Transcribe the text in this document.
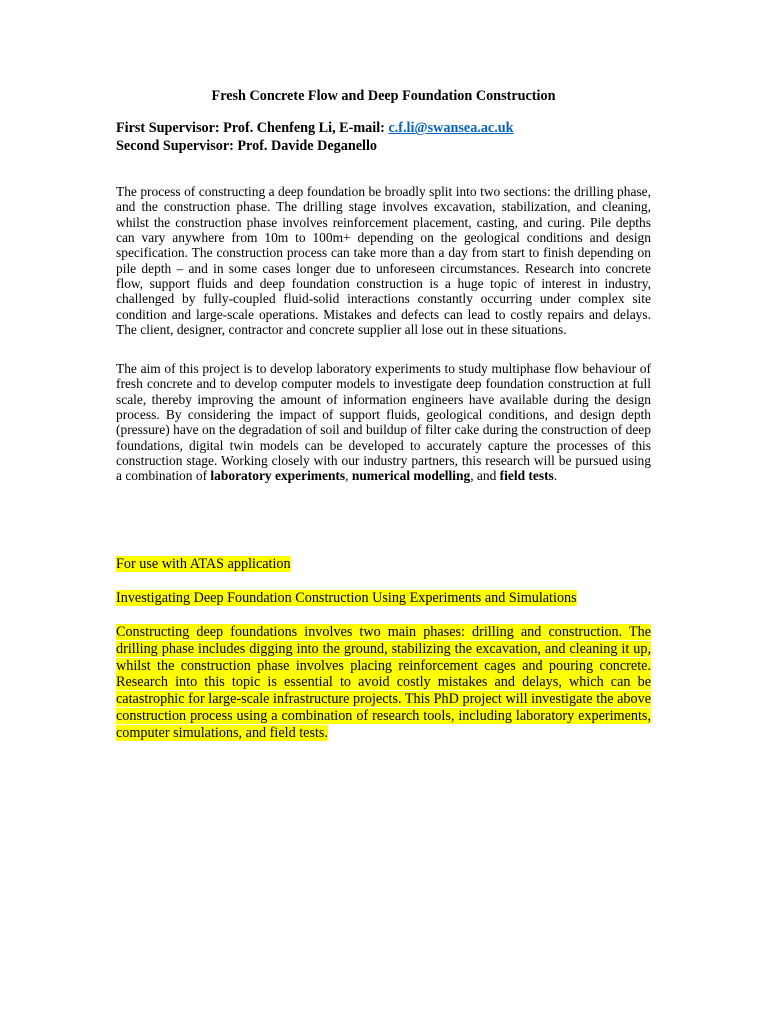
Fresh Concrete Flow and Deep Foundation Construction

First Supervisor: Prof. Chenfeng Li, E-mail: c.f.li@swansea.ac.uk
Second Supervisor: Prof. Davide Deganello

The process of constructing a deep foundation be broadly split into two sections: the drilling phase, and the construction phase. The drilling stage involves excavation, stabilization, and cleaning, whilst the construction phase involves reinforcement placement, casting, and curing. Pile depths can vary anywhere from 10m to 100m+ depending on the geological conditions and design specification. The construction process can take more than a day from start to finish depending on pile depth – and in some cases longer due to unforeseen circumstances. Research into concrete flow, support fluids and deep foundation construction is a huge topic of interest in industry, challenged by fully-coupled fluid-solid interactions constantly occurring under complex site condition and large-scale operations. Mistakes and defects can lead to costly repairs and delays. The client, designer, contractor and concrete supplier all lose out in these situations.

The aim of this project is to develop laboratory experiments to study multiphase flow behaviour of fresh concrete and to develop computer models to investigate deep foundation construction at full scale, thereby improving the amount of information engineers have available during the design process. By considering the impact of support fluids, geological conditions, and design depth (pressure) have on the degradation of soil and buildup of filter cake during the construction of deep foundations, digital twin models can be developed to accurately capture the processes of this construction stage. Working closely with our industry partners, this research will be pursued using a combination of laboratory experiments, numerical modelling, and field tests.

For use with ATAS application

Investigating Deep Foundation Construction Using Experiments and Simulations

Constructing deep foundations involves two main phases: drilling and construction. The drilling phase includes digging into the ground, stabilizing the excavation, and cleaning it up, whilst the construction phase involves placing reinforcement cages and pouring concrete. Research into this topic is essential to avoid costly mistakes and delays, which can be catastrophic for large-scale infrastructure projects. This PhD project will investigate the above construction process using a combination of research tools, including laboratory experiments, computer simulations, and field tests.
